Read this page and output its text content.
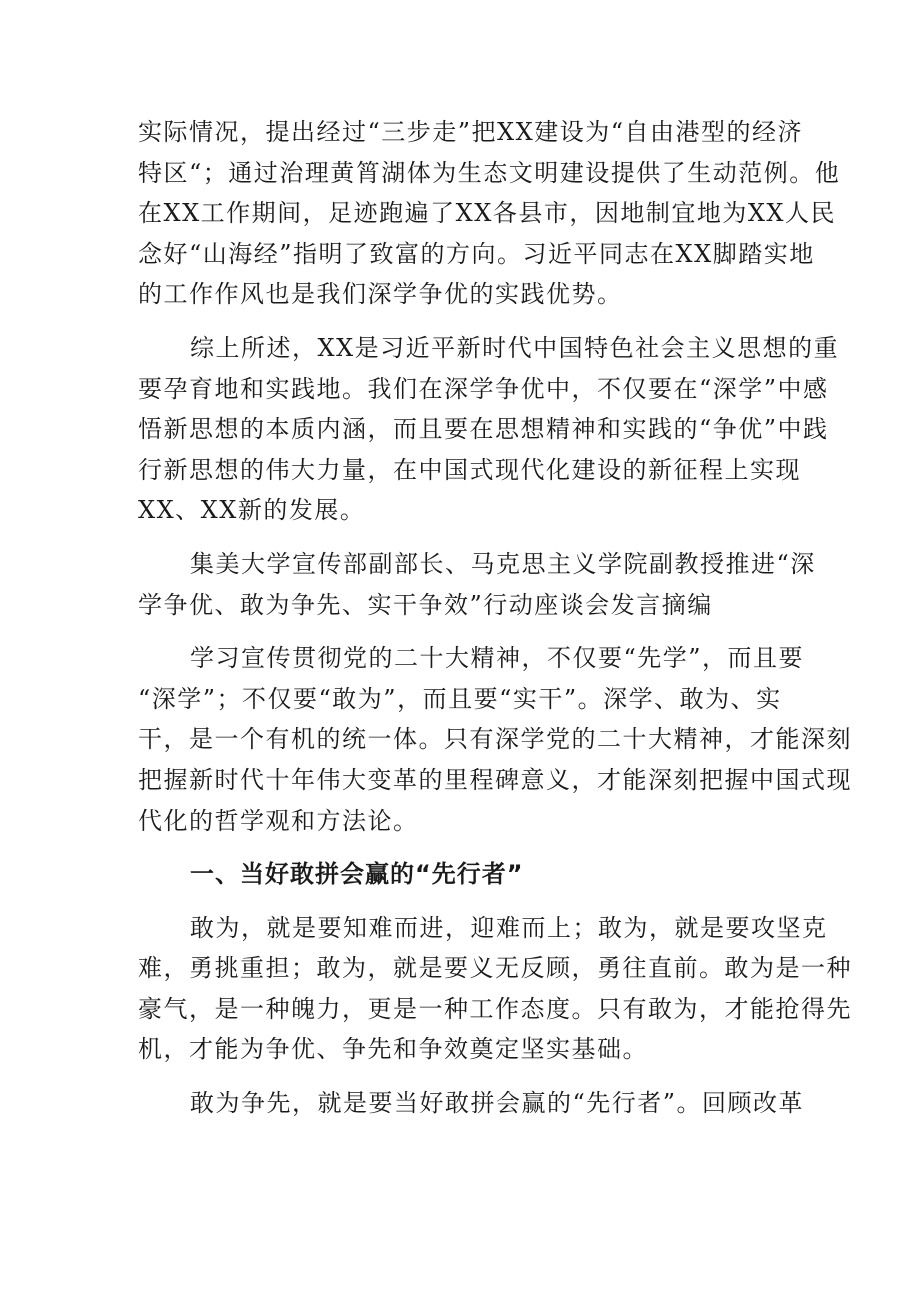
实际情况，提出经过“三步走”把XX建设为“自由港型的经济
特区“；通过治理黄筲湖体为生态文明建设提供了生动范例。他
在XX工作期间，足迹跑遍了XX各县市，因地制宜地为XX人民
念好“山海经”指明了致富的方向。习近平同志在XX脚踏实地
的工作作风也是我们深学争优的实践优势。
综上所述，XX是习近平新时代中国特色社会主义思想的重
要孕育地和实践地。我们在深学争优中，不仅要在“深学”中感
悟新思想的本质内涵，而且要在思想精神和实践的“争优”中践
行新思想的伟大力量，在中国式现代化建设的新征程上实现
XX、XX新的发展。
集美大学宣传部副部长、马克思主义学院副教授推进“深
学争优、敢为争先、实干争效”行动座谈会发言摘编
学习宣传贯彻党的二十大精神，不仅要“先学”，而且要
“深学”；不仅要“敢为”，而且要“实干”。深学、敢为、实
干，是一个有机的统一体。只有深学党的二十大精神，才能深刻
把握新时代十年伟大变革的里程碑意义，才能深刻把握中国式现
代化的哲学观和方法论。
一、当好敢拼会赢的“先行者”
敢为，就是要知难而进，迎难而上；敢为，就是要攻坚克
难，勇挑重担；敢为，就是要义无反顾，勇往直前。敢为是一种
豪气，是一种魄力，更是一种工作态度。只有敢为，才能抢得先
机，才能为争优、争先和争效奠定坚实基础。
敢为争先，就是要当好敢拼会赢的“先行者”。回顾改革
